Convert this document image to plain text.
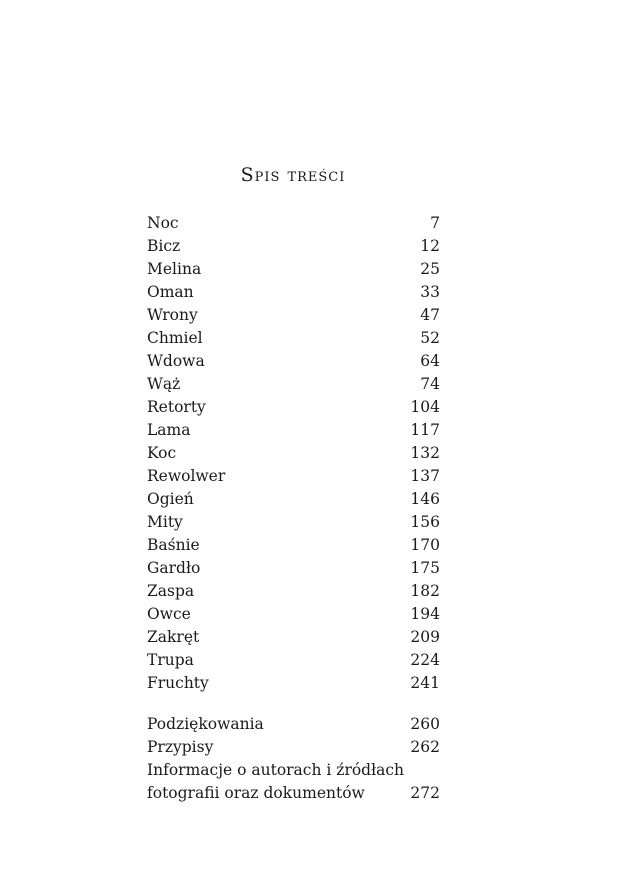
Spis treści
Noc	7
Bicz	12
Melina	25
Oman	33
Wrony	47
Chmiel	52
Wdowa	64
Wąż	74
Retorty	104
Lama	117
Koc	132
Rewolwer	137
Ogień	146
Mity	156
Baśnie	170
Gardło	175
Zaspa	182
Owce	194
Zakręt	209
Trupa	224
Fruchty	241
Podziękowania	260
Przypisy	262
Informacje o autorach i źródłach
fotografii oraz dokumentów	272
